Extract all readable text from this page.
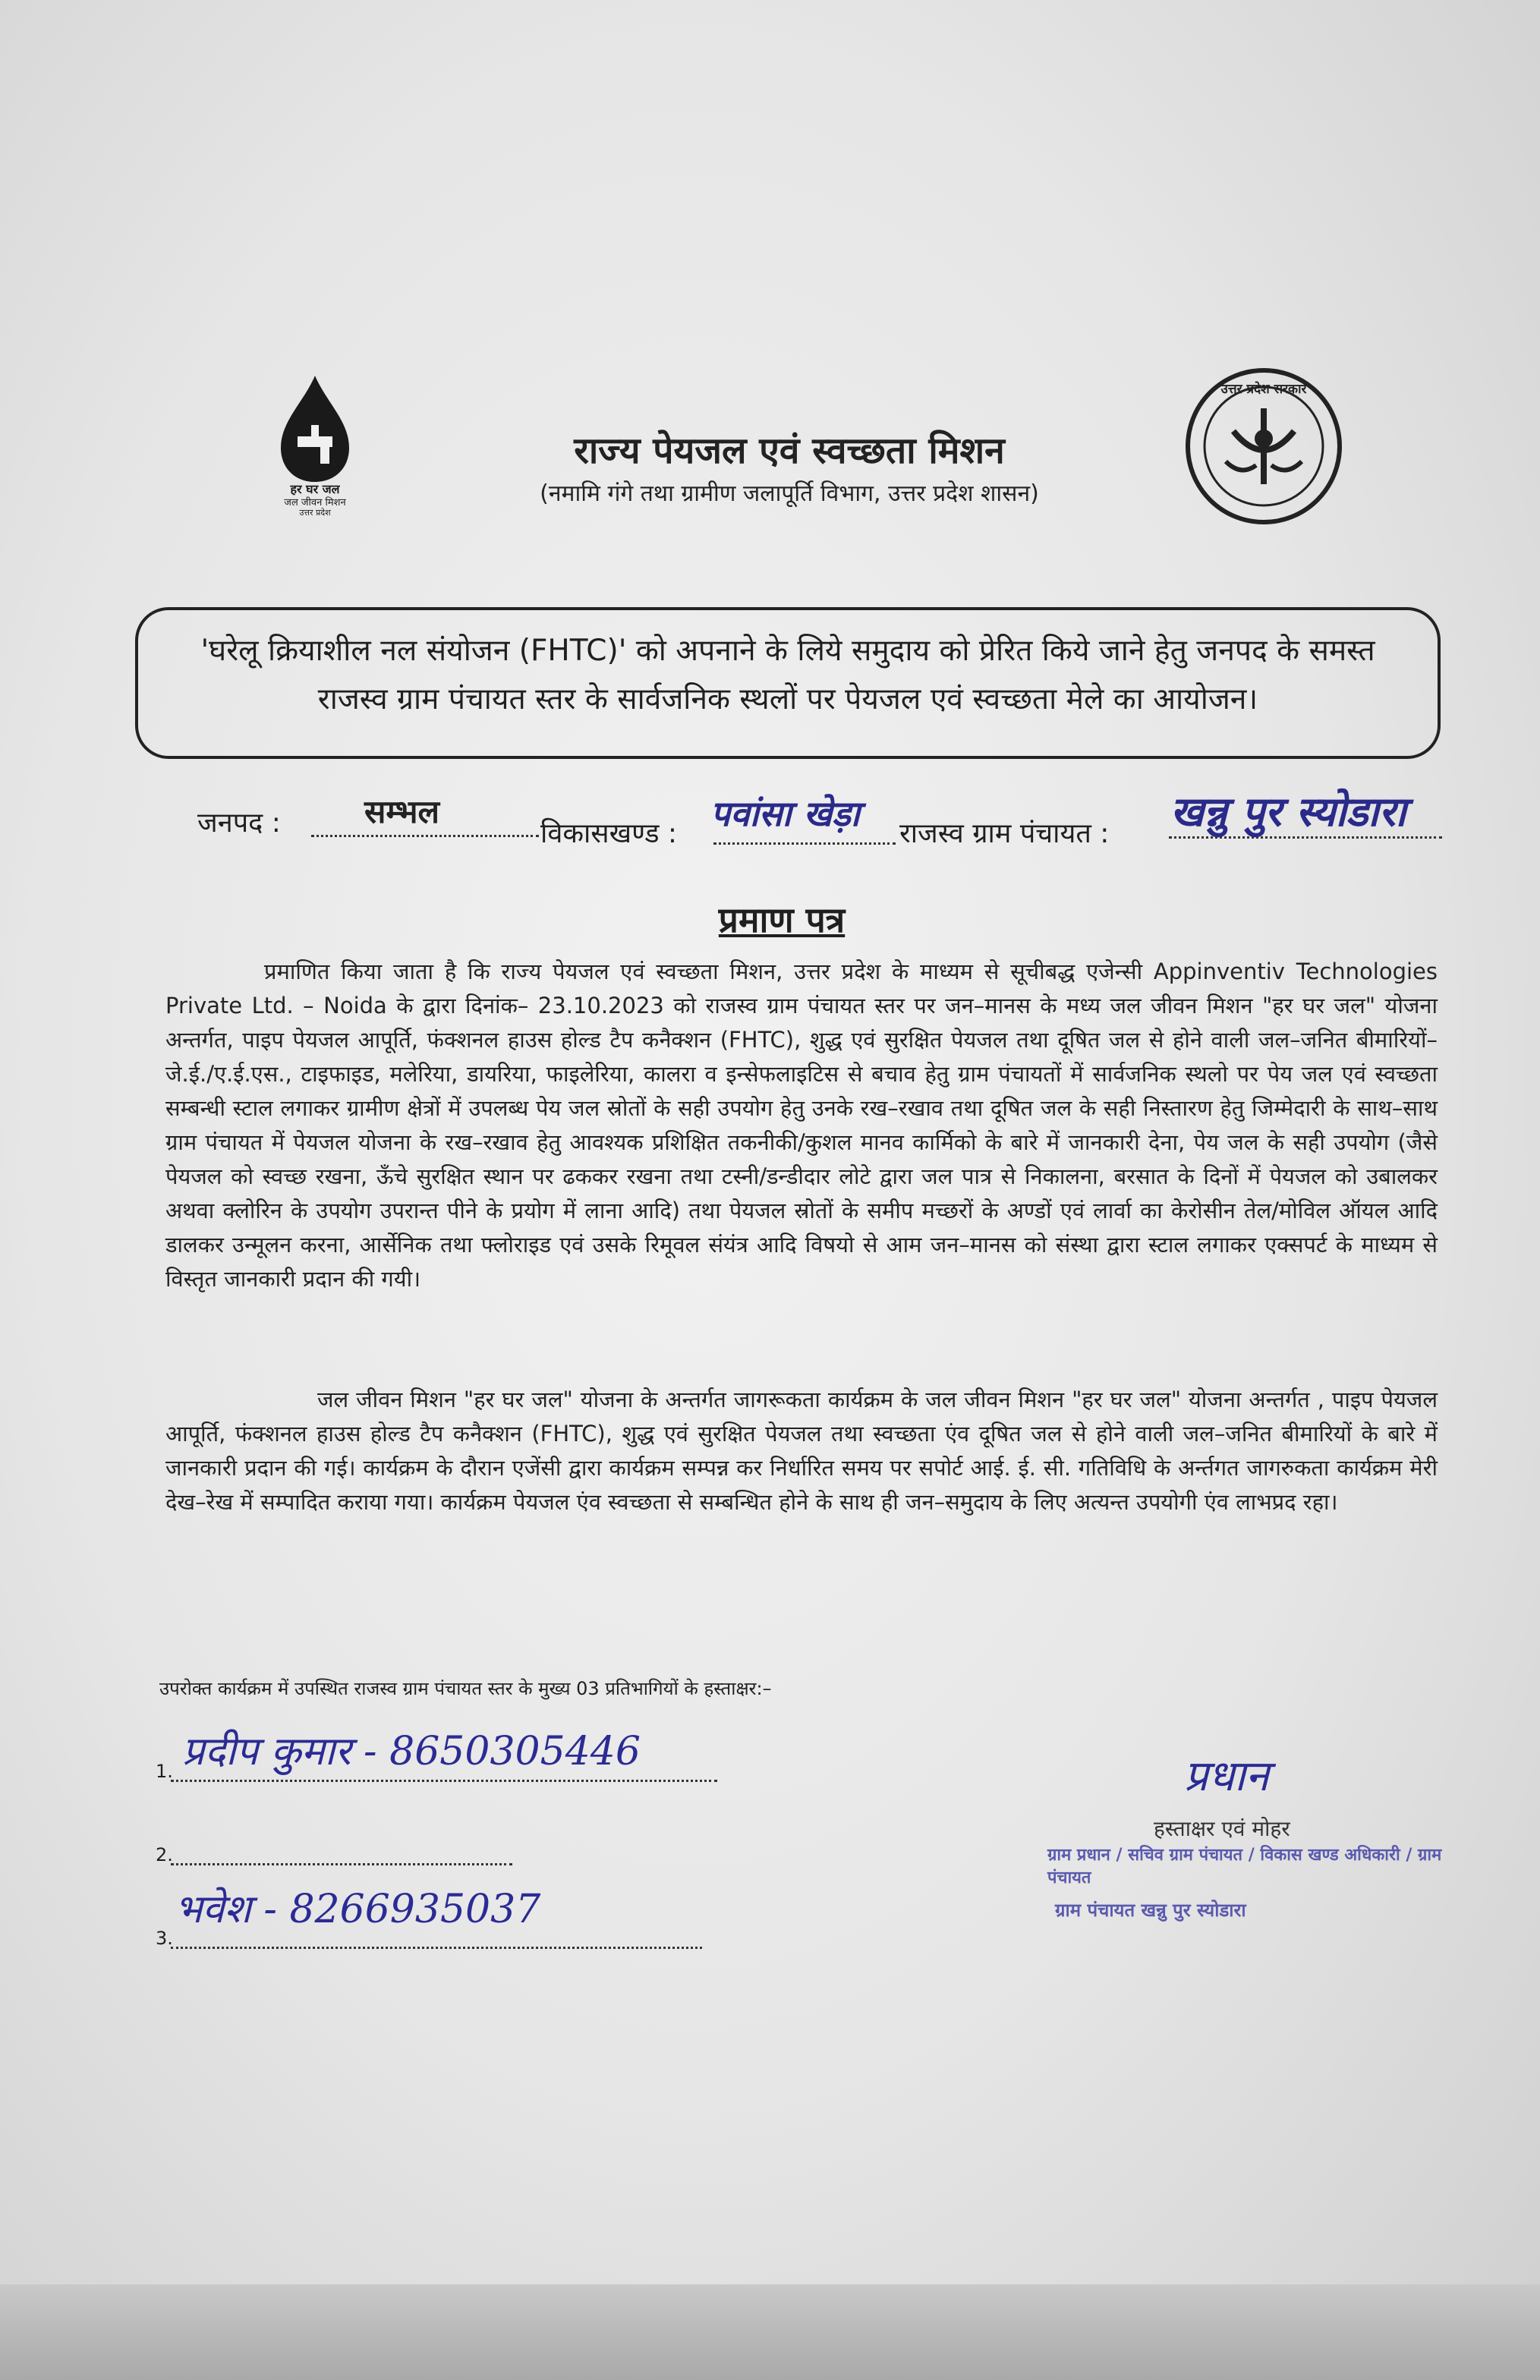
हर घर जल
जल जीवन मिशन
उत्तर प्रदेश
राज्य पेयजल एवं स्वच्छता मिशन
(नमामि गंगे तथा ग्रामीण जलापूर्ति विभाग, उत्तर प्रदेश शासन)
उत्तर प्रदेश सरकार
'घरेलू क्रियाशील नल संयोजन (FHTC)' को अपनाने के लिये समुदाय को प्रेरित किये जाने हेतु जनपद के समस्त राजस्व ग्राम पंचायत स्तर के सार्वजनिक स्थलों पर पेयजल एवं स्वच्छता मेले का आयोजन।
जनपद :	सम्भल
विकासखण्ड : पवांसा खेड़ा राजस्व ग्राम पंचायत : खन्नु पुर स्योडारा
प्रमाण पत्र
प्रमाणित किया जाता है कि राज्य पेयजल एवं स्वच्छता मिशन, उत्तर प्रदेश के माध्यम से सूचीबद्ध एजेन्सी Appinventiv Technologies Private Ltd. – Noida के द्वारा दिनांक– 23.10.2023 को राजस्व ग्राम पंचायत स्तर पर जन–मानस के मध्य जल जीवन मिशन "हर घर जल" योजना अन्तर्गत, पाइप पेयजल आपूर्ति, फंक्शनल हाउस होल्ड टैप कनैक्शन (FHTC), शुद्ध एवं सुरक्षित पेयजल तथा दूषित जल से होने वाली जल–जनित बीमारियों–जे.ई./ए.ई.एस., टाइफाइड, मलेरिया, डायरिया, फाइलेरिया, कालरा व इन्सेफलाइटिस से बचाव हेतु ग्राम पंचायतों में सार्वजनिक स्थलो पर पेय जल एवं स्वच्छता सम्बन्धी स्टाल लगाकर ग्रामीण क्षेत्रों में उपलब्ध पेय जल स्रोतों के सही उपयोग हेतु उनके रख–रखाव तथा दूषित जल के सही निस्तारण हेतु जिम्मेदारी के साथ–साथ ग्राम पंचायत में पेयजल योजना के रख–रखाव हेतु आवश्यक प्रशिक्षित तकनीकी/कुशल मानव कार्मिको के बारे में जानकारी देना, पेय जल के सही उपयोग (जैसे पेयजल को स्वच्छ रखना, ऊँचे सुरक्षित स्थान पर ढककर रखना तथा टस्नी/डन्डीदार लोटे द्वारा जल पात्र से निकालना, बरसात के दिनों में पेयजल को उबालकर अथवा क्लोरिन के उपयोग उपरान्त पीने के प्रयोग में लाना आदि) तथा पेयजल स्रोतों के समीप मच्छरों के अण्डों एवं लार्वा का केरोसीन तेल/मोविल ऑयल आदि डालकर उन्मूलन करना, आर्सेनिक तथा फ्लोराइड एवं उसके रिमूवल संयंत्र आदि विषयो से आम जन–मानस को संस्था द्वारा स्टाल लगाकर एक्सपर्ट के माध्यम से विस्तृत जानकारी प्रदान की गयी।
जल जीवन मिशन "हर घर जल" योजना के अन्तर्गत जागरूकता कार्यक्रम के जल जीवन मिशन "हर घर जल" योजना अन्तर्गत , पाइप पेयजल आपूर्ति, फंक्शनल हाउस होल्ड टैप कनैक्शन (FHTC), शुद्ध एवं सुरक्षित पेयजल तथा स्वच्छता एंव दूषित जल से होने वाली जल–जनित बीमारियों के बारे में जानकारी प्रदान की गई। कार्यक्रम के दौरान एजेंसी द्वारा कार्यक्रम सम्पन्न कर निर्धारित समय पर सपोर्ट आई. ई. सी. गतिविधि के अर्न्तगत जागरुकता कार्यक्रम मेरी देख–रेख में सम्पादित कराया गया। कार्यक्रम पेयजल एंव स्वच्छता से सम्बन्धित होने के साथ ही जन–समुदाय के लिए अत्यन्त उपयोगी एंव लाभप्रद रहा।
उपरोक्त कार्यक्रम में उपस्थित राजस्व ग्राम पंचायत स्तर के मुख्य 03 प्रतिभागियों के हस्ताक्षर:–
1. प्रदीप कुमार - 8650305446
2.
3.
भवेश - 8266935037
प्रधान
हस्ताक्षर एवं मोहर
ग्राम प्रधान / सचिव ग्राम पंचायत / विकास खण्ड अधिकारी / ग्राम पंचायत
ग्राम पंचायत खन्नु पुर स्योडारा
